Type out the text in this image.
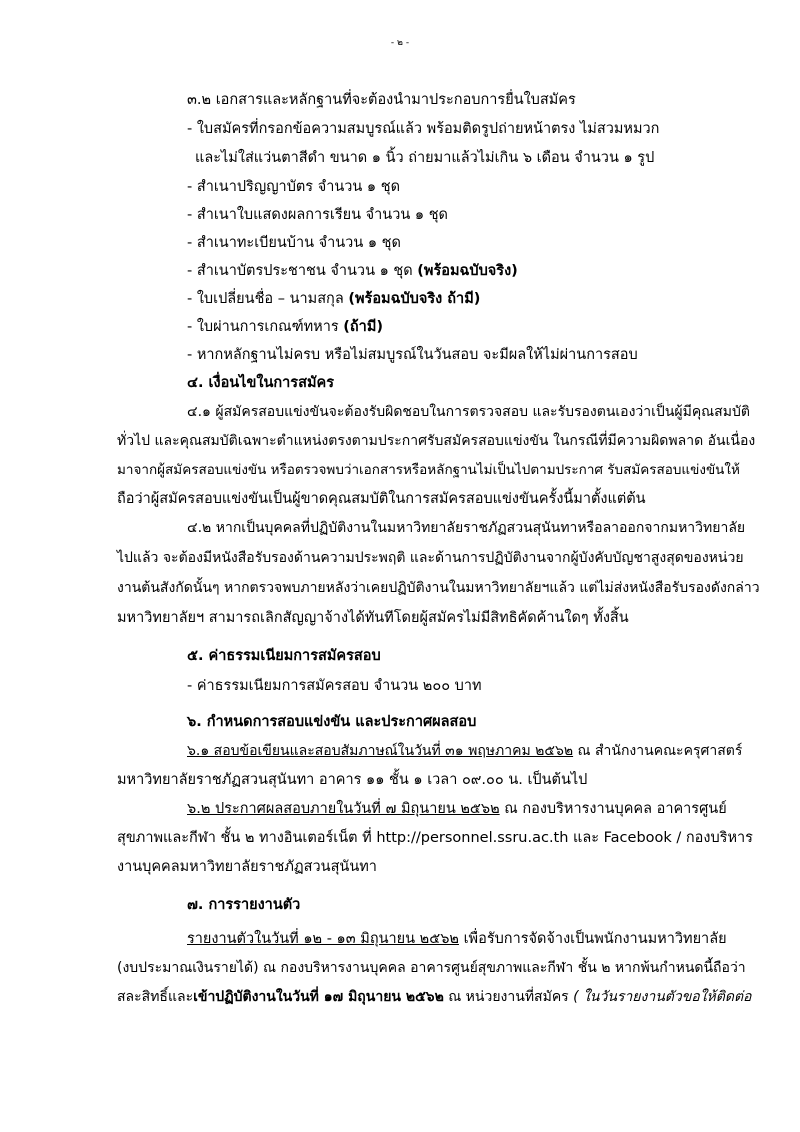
- ๒ -
๓.๒ เอกสารและหลักฐานที่จะต้องนำมาประกอบการยื่นใบสมัคร
- ใบสมัครที่กรอกข้อความสมบูรณ์แล้ว พร้อมติดรูปถ่ายหน้าตรง ไม่สวมหมวก
และไม่ใส่แว่นตาสีดำ ขนาด ๑ นิ้ว ถ่ายมาแล้วไม่เกิน ๖ เดือน จำนวน ๑ รูป
- สำเนาปริญญาบัตร จำนวน ๑ ชุด
- สำเนาใบแสดงผลการเรียน จำนวน ๑ ชุด
- สำเนาทะเบียนบ้าน จำนวน ๑ ชุด
- สำเนาบัตรประชาชน จำนวน ๑ ชุด (พร้อมฉบับจริง)
- ใบเปลี่ยนชื่อ – นามสกุล (พร้อมฉบับจริง ถ้ามี)
- ใบผ่านการเกณฑ์ทหาร (ถ้ามี)
- หากหลักฐานไม่ครบ หรือไม่สมบูรณ์ในวันสอบ จะมีผลให้ไม่ผ่านการสอบ
๔. เงื่อนไขในการสมัคร
๔.๑ ผู้สมัครสอบแข่งขันจะต้องรับผิดชอบในการตรวจสอบ และรับรองตนเองว่าเป็นผู้มีคุณสมบัติ
ทั่วไป และคุณสมบัติเฉพาะตำแหน่งตรงตามประกาศรับสมัครสอบแข่งขัน ในกรณีที่มีความผิดพลาด อันเนื่อง
มาจากผู้สมัครสอบแข่งขัน หรือตรวจพบว่าเอกสารหรือหลักฐานไม่เป็นไปตามประกาศ รับสมัครสอบแข่งขันให้
ถือว่าผู้สมัครสอบแข่งขันเป็นผู้ขาดคุณสมบัติในการสมัครสอบแข่งขันครั้งนี้มาตั้งแต่ต้น
๔.๒ หากเป็นบุคคลที่ปฏิบัติงานในมหาวิทยาลัยราชภัฏสวนสุนันทาหรือลาออกจากมหาวิทยาลัย
ไปแล้ว จะต้องมีหนังสือรับรองด้านความประพฤติ และด้านการปฏิบัติงานจากผู้บังคับบัญชาสูงสุดของหน่วย
งานต้นสังกัดนั้นๆ หากตรวจพบภายหลังว่าเคยปฏิบัติงานในมหาวิทยาลัยฯแล้ว แต่ไม่ส่งหนังสือรับรองดังกล่าว
มหาวิทยาลัยฯ สามารถเลิกสัญญาจ้างได้ทันทีโดยผู้สมัครไม่มีสิทธิคัดค้านใดๆ ทั้งสิ้น
๕. ค่าธรรมเนียมการสมัครสอบ
- ค่าธรรมเนียมการสมัครสอบ จำนวน ๒๐๐ บาท
๖. กำหนดการสอบแข่งขัน และประกาศผลสอบ
๖.๑ สอบข้อเขียนและสอบสัมภาษณ์ในวันที่ ๓๑ พฤษภาคม ๒๕๖๒ ณ สำนักงานคณะครุศาสตร์
มหาวิทยาลัยราชภัฏสวนสุนันทา อาคาร ๑๑ ชั้น ๑ เวลา ๐๙.๐๐ น. เป็นต้นไป
๖.๒ ประกาศผลสอบภายในวันที่ ๗ มิถุนายน ๒๕๖๒ ณ กองบริหารงานบุคคล อาคารศูนย์
สุขภาพและกีฬา ชั้น ๒ ทางอินเตอร์เน็ต ที่ http://personnel.ssru.ac.th และ Facebook / กองบริหาร
งานบุคคลมหาวิทยาลัยราชภัฏสวนสุนันทา
๗. การรายงานตัว
รายงานตัวในวันที่ ๑๒ - ๑๓ มิถุนายน ๒๕๖๒ เพื่อรับการจัดจ้างเป็นพนักงานมหาวิทยาลัย
(งบประมาณเงินรายได้) ณ กองบริหารงานบุคคล อาคารศูนย์สุขภาพและกีฬา ชั้น ๒ หากพ้นกำหนดนี้ถือว่า
สละสิทธิ์และเข้าปฏิบัติงานในวันที่ ๑๗ มิถุนายน ๒๕๖๒ ณ หน่วยงานที่สมัคร ( ในวันรายงานตัวขอให้ติดต่อ
